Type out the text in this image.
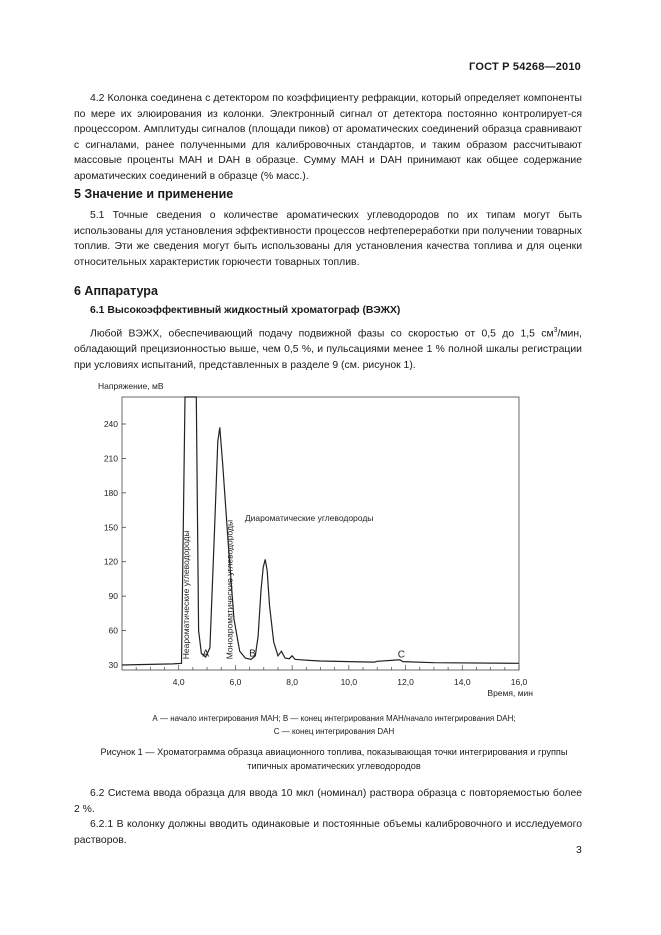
ГОСТ Р 54268—2010

4.2 Колонка соединена с детектором по коэффициенту рефракции, который определяет компоненты по мере их элюирования из колонки. Электронный сигнал от детектора постоянно контролирует-ся процессором. Амплитуды сигналов (площади пиков) от ароматических соединений образца сравнивают с сигналами, ранее полученными для калибровочных стандартов, и таким образом рассчитывают массовые проценты МАН и DAH в образце. Сумму МАН и DAH принимают как общее содержание ароматических соединений в образце (% масс.).

5 Значение и применение

5.1 Точные сведения о количестве ароматических углеводородов по их типам могут быть использованы для установления эффективности процессов нефтепереработки при получении товарных топлив. Эти же сведения могут быть использованы для установления качества топлива и для оценки относительных характеристик горючести товарных топлив.

6 Аппаратура
6.1 Высокоэффективный жидкостный хроматограф (ВЭЖХ)

Любой ВЭЖХ, обеспечивающий подачу подвижной фазы со скоростью от 0,5 до 1,5 $см^3$/мин, обладающий прецизионностью выше, чем 0,5 %, и пульсациями менее 1 % полной шкалы регистрации при условиях испытаний, представленных в разделе 9 (см. рисунок 1).

Напряжение, мВ
30
60
90
120
150
180
210
240
4,0	6,0	8,0	10,0	12,0	14,0	16,0
Время, мин
Неароматические углеводороды	Моноароматические углеводороды
Диароматические углеводороды
A	B	C
А — начало интегрирования МАН; В — конец интегрирования МАН/начало интегрирования DAH;
С — конец интегрирования DAH
Рисунок 1 — Хроматограмма образца авиационного топлива, показывающая точки интегрирования и группы типичных ароматических углеводородов

6.2 Система ввода образца для ввода 10 мкл (номинал) раствора образца с повторяемостью более 2 %.

6.2.1 В колонку должны вводить одинаковые и постоянные объемы калибровочного и исследуемого растворов.

3
